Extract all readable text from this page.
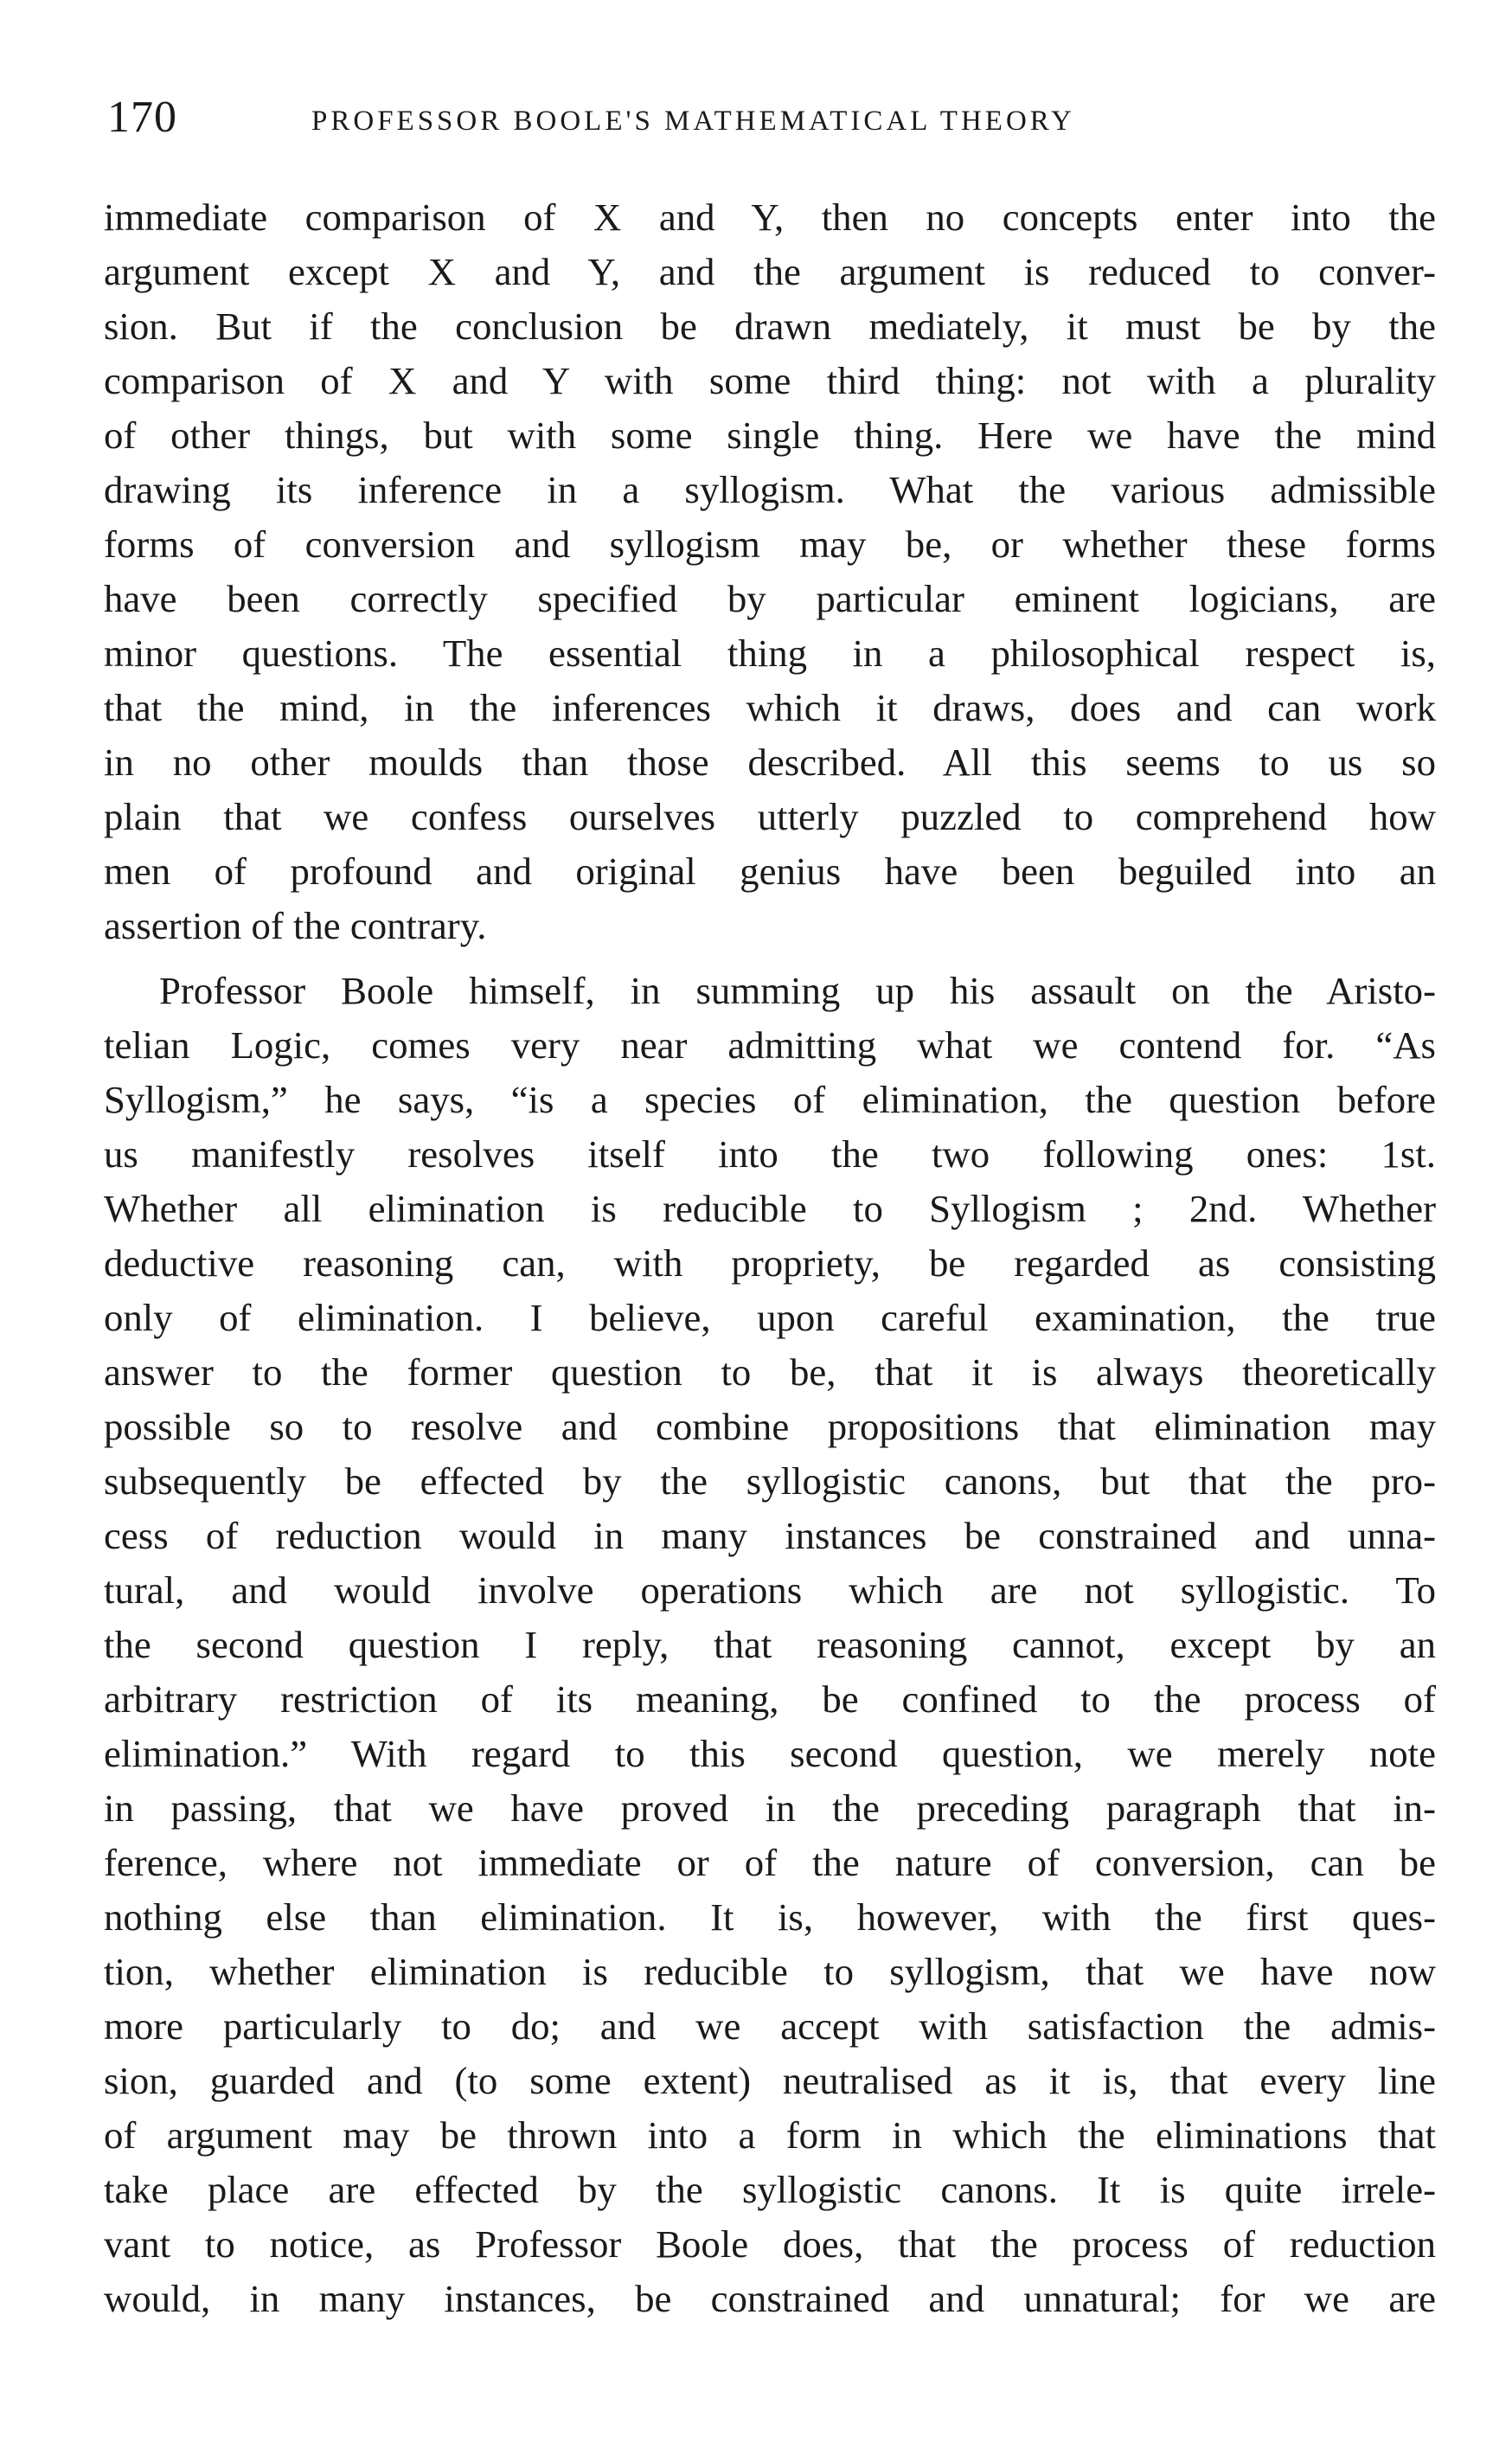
170	PROFESSOR BOOLE'S MATHEMATICAL THEORY

immediate comparison of X and Y, then no concepts enter into the
argument except X and Y, and the argument is reduced to conver-
sion. But if the conclusion be drawn mediately, it must be by the
comparison of X and Y with some third thing: not with a plurality
of other things, but with some single thing. Here we have the mind
drawing its inference in a syllogism. What the various admissible
forms of conversion and syllogism may be, or whether these forms
have been correctly specified by particular eminent logicians, are
minor questions. The essential thing in a philosophical respect is,
that the mind, in the inferences which it draws, does and can work
in no other moulds than those described. All this seems to us so
plain that we confess ourselves utterly puzzled to comprehend how
men of profound and original genius have been beguiled into an
assertion of the contrary.

Professor Boole himself, in summing up his assault on the Aristo-
telian Logic, comes very near admitting what we contend for. “As
Syllogism,” he says, “is a species of elimination, the question before
us manifestly resolves itself into the two following ones: 1st.
Whether all elimination is reducible to Syllogism ; 2nd. Whether
deductive reasoning can, with propriety, be regarded as consisting
only of elimination. I believe, upon careful examination, the true
answer to the former question to be, that it is always theoretically
possible so to resolve and combine propositions that elimination may
subsequently be effected by the syllogistic canons, but that the pro-
cess of reduction would in many instances be constrained and unna-
tural, and would involve operations which are not syllogistic. To
the second question I reply, that reasoning cannot, except by an
arbitrary restriction of its meaning, be confined to the process of
elimination.” With regard to this second question, we merely note
in passing, that we have proved in the preceding paragraph that in-
ference, where not immediate or of the nature of conversion, can be
nothing else than elimination. It is, however, with the first ques-
tion, whether elimination is reducible to syllogism, that we have now
more particularly to do; and we accept with satisfaction the admis-
sion, guarded and (to some extent) neutralised as it is, that every line
of argument may be thrown into a form in which the eliminations that
take place are effected by the syllogistic canons. It is quite irrele-
vant to notice, as Professor Boole does, that the process of reduction
would, in many instances, be constrained and unnatural; for we are
